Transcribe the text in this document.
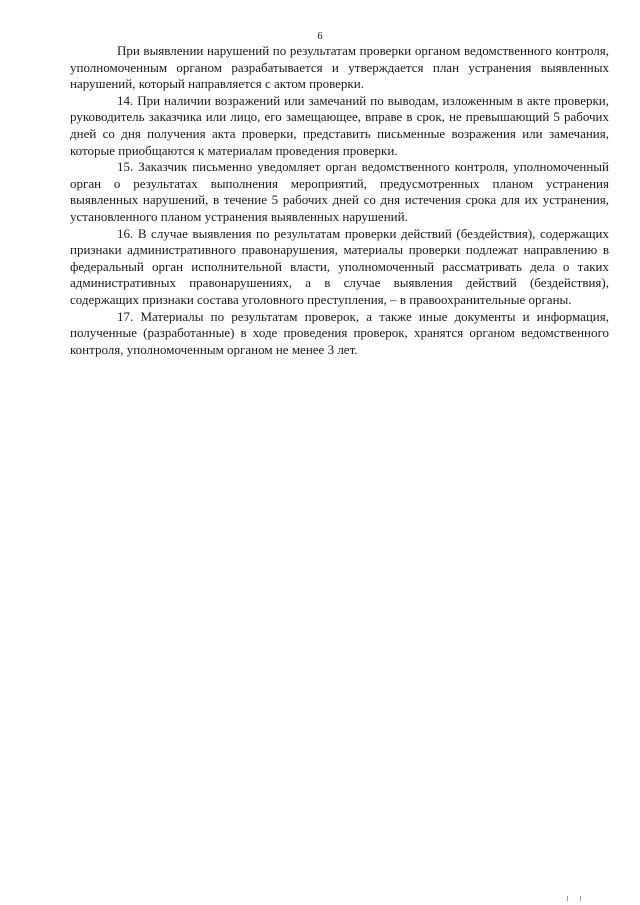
6

При выявлении нарушений по результатам проверки органом ведомственного контроля, уполномоченным органом разрабатывается и утверждается план устранения выявленных нарушений, который направляется с актом проверки.

14. При наличии возражений или замечаний по выводам, изложенным в акте проверки, руководитель заказчика или лицо, его замещающее, вправе в срок, не превышающий 5 рабочих дней со дня получения акта проверки, представить письменные возражения или замечания, которые приобщаются к материалам проведения проверки.

15. Заказчик письменно уведомляет орган ведомственного контроля, уполномоченный орган о результатах выполнения мероприятий, предусмотренных планом устранения выявленных нарушений, в течение 5 рабочих дней со дня истечения срока для их устранения, установленного планом устранения выявленных нарушений.

16. В случае выявления по результатам проверки действий (бездействия), содержащих признаки административного правонарушения, материалы проверки подлежат направлению в федеральный орган исполнительной власти, уполномоченный рассматривать дела о таких административных правонарушениях, а в случае выявления действий (бездействия), содержащих признаки состава уголовного преступления, – в правоохранительные органы.

17. Материалы по результатам проверок, а также иные документы и информация, полученные (разработанные) в ходе проведения проверок, хранятся органом ведомственного контроля, уполномоченным органом не менее 3 лет.
